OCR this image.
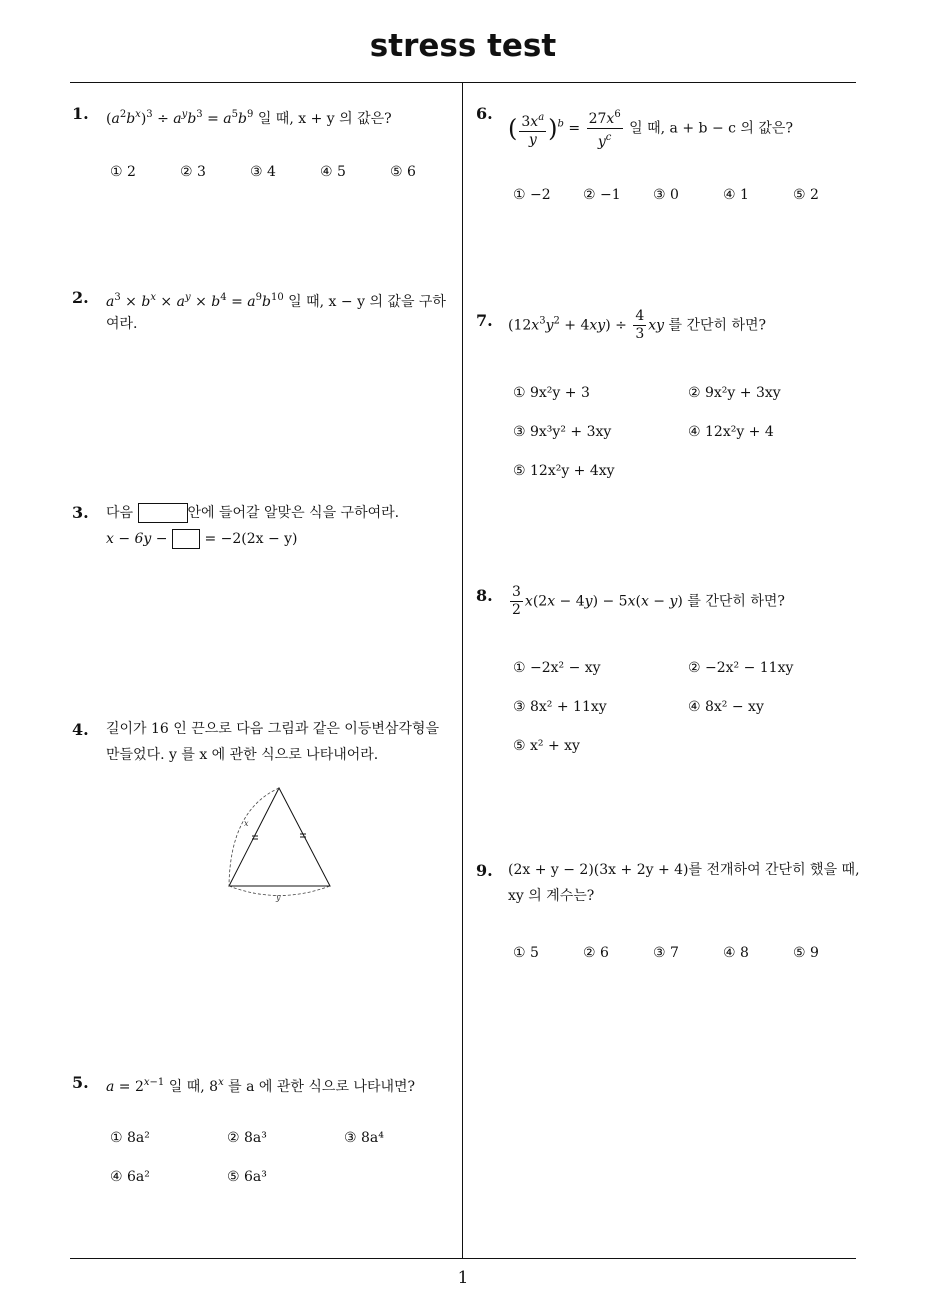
stress test
1
1. $(a^2b^x)^3 \div a^yb^3 = a^5b^9$ 일 때, x + y 의 값은?
① 2	② 3	③ 4	④ 5	⑤ 6
2. $a^3 \times b^x \times a^y \times b^4 = a^9b^{10}$ 일 때, x − y 의 값을 구하
여라.
3. 다음	안에 들어갈 알맞은 식을 구하여라.
x − 6y −	= −2(2x − y)
4. 길이가 16 인 끈으로 다음 그림과 같은 이등변삼각형을
만들었다. y 를 x 에 관한 식으로 나타내어라.
x
y
5. $a = 2^{x-1}$ 일 때, 8$^x$ 를 a 에 관한 식으로 나타내면?
① 8a²	② 8a³	③ 8a⁴
④ 6a²	⑤ 6a³
6.
( $\frac{3x^a}{y} )^b = \frac{27x^6}{y^c}$ 일 때, a + b − c 의 값은?
① −2 ② −1 ③ 0	④ 1	⑤ 2
7. $(12x^3y^2 + 4xy) \div \frac{4}{3}$ xy 를 간단히 하면?
① 9x²y + 3	② 9x²y + 3xy
③ 9x³y² + 3xy	④ 12x²y + 4
⑤ 12x²y + 4xy
8. $\frac{3}{2} x(2x - 4y) - 5x(x - y)$ 를 간단히 하면?
① −2x² − xy	② −2x² − 11xy
③ 8x² + 11xy	④ 8x² − xy
⑤ x² + xy
9. (2x + y − 2)(3x + 2y + 4)를 전개하여 간단히 했을 때,
xy 의 계수는?
① 5	② 6	③ 7	④ 8	⑤ 9
